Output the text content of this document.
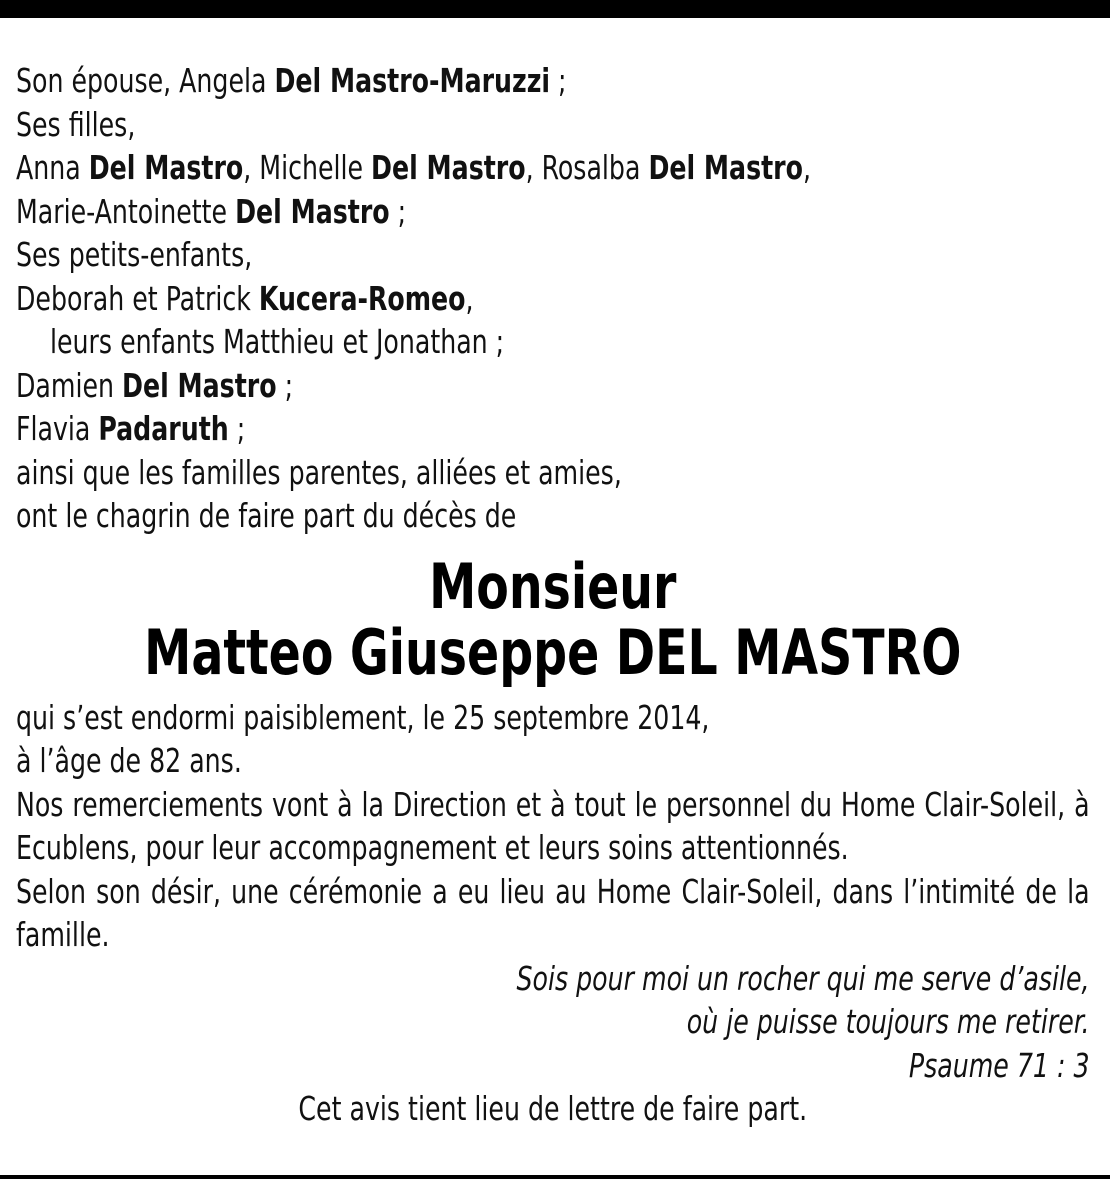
Son épouse, Angela Del Mastro-Maruzzi ;
Ses filles,
Anna Del Mastro, Michelle Del Mastro, Rosalba Del Mastro,
Marie-Antoinette Del Mastro ;
Ses petits-enfants,
Deborah et Patrick Kucera-Romeo,
leurs enfants Matthieu et Jonathan ;
Damien Del Mastro ;
Flavia Padaruth ;
ainsi que les familles parentes, alliées et amies,
ont le chagrin de faire part du décès de
Monsieur
Matteo Giuseppe DEL MASTRO
qui s’est endormi paisiblement, le 25 septembre 2014,
à l’âge de 82 ans.
Nos remerciements vont à la Direction et à tout le personnel du Home Clair-Soleil, à Ecublens, pour leur accompagnement et leurs soins attentionnés.
Selon son désir, une cérémonie a eu lieu au Home Clair-Soleil, dans l’intimité de la famille.
Sois pour moi un rocher qui me serve d’asile,
où je puisse toujours me retirer.
Psaume 71 : 3
Cet avis tient lieu de lettre de faire part.
